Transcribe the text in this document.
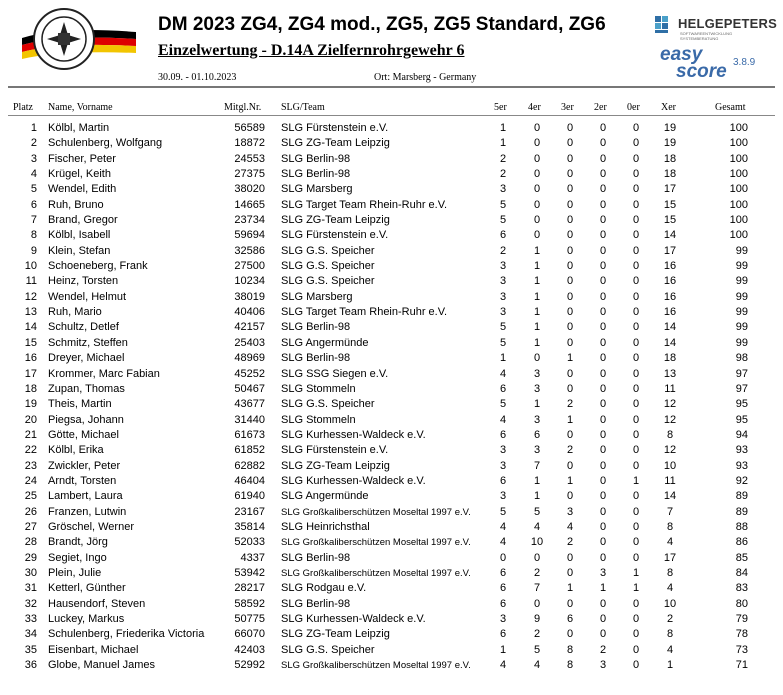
DM 2023 ZG4, ZG4 mod., ZG5, ZG5 Standard, ZG6
Einzelwertung - D.14A Zielfernrohrgewehr 6
30.09. - 01.10.2023	Ort: Marsberg - Germany
HELGEPETERS
SOFTWAREENTWICKLUNG SYSTEMBERATUNG
easy
score 3.8.9
Platz Name, Vorname	Mitgl.Nr. SLG/Team	5er 4er 3er 2er 0er Xer	Gesamt
1 Kölbl, Martin	56589 SLG Fürstenstein e.V.	1	0	0	0	0	19	100
2 Schulenberg, Wolfgang	18872 SLG ZG-Team Leipzig	1	0	0	0	0	19	100
3 Fischer, Peter	24553 SLG Berlin-98	2	0	0	0	0	18	100
4 Krügel, Keith	27375 SLG Berlin-98	2	0	0	0	0	18	100
5 Wendel, Edith	38020 SLG Marsberg	3	0	0	0	0	17	100
6 Ruh, Bruno	14665 SLG Target Team Rhein-Ruhr e.V.	5	0	0	0	0	15	100
7 Brand, Gregor	23734 SLG ZG-Team Leipzig	5	0	0	0	0	15	100
8 Kölbl, Isabell	59694 SLG Fürstenstein e.V.	6	0	0	0	0	14	100
9 Klein, Stefan	32586 SLG G.S. Speicher	2	1	0	0	0	17	99
10 Schoeneberg, Frank	27500 SLG G.S. Speicher	3	1	0	0	0	16	99
11 Heinz, Torsten	10234 SLG G.S. Speicher	3	1	0	0	0	16	99
12 Wendel, Helmut	38019 SLG Marsberg	3	1	0	0	0	16	99
13 Ruh, Mario	40406 SLG Target Team Rhein-Ruhr e.V.	3	1	0	0	0	16	99
14 Schultz, Detlef	42157 SLG Berlin-98	5	1	0	0	0	14	99
15 Schmitz, Steffen	25403 SLG Angermünde	5	1	0	0	0	14	99
16 Dreyer, Michael	48969 SLG Berlin-98	1	0	1	0	0	18	98
17 Krommer, Marc Fabian	45252 SLG SSG Siegen e.V.	4	3	0	0	0	13	97
18 Zupan, Thomas	50467 SLG Stommeln	6	3	0	0	0	11	97
19 Theis, Martin	43677 SLG G.S. Speicher	5	1	2	0	0	12	95
20 Piegsa, Johann	31440 SLG Stommeln	4	3	1	0	0	12	95
21 Götte, Michael	61673 SLG Kurhessen-Waldeck e.V.	6	6	0	0	0	8	94
22 Kölbl, Erika	61852 SLG Fürstenstein e.V.	3	3	2	0	0	12	93
23 Zwickler, Peter	62882 SLG ZG-Team Leipzig	3	7	0	0	0	10	93
24 Arndt, Torsten	46404 SLG Kurhessen-Waldeck e.V.	6	1	1	0	1	11	92
25 Lambert, Laura	61940 SLG Angermünde	3	1	0	0	0	14	89
26 Franzen, Lutwin	23167 SLG Großkaliberschützen Moseltal 1997 e.V.	5	5	3	0	0	7	89
27 Gröschel, Werner	35814 SLG Heinrichsthal	4	4	4	0	0	8	88
28 Brandt, Jörg	52033 SLG Großkaliberschützen Moseltal 1997 e.V.	4	10	2	0	0	4	86
29 Segiet, Ingo	4337 SLG Berlin-98	0	0	0	0	0	17	85
30 Plein, Julie	53942 SLG Großkaliberschützen Moseltal 1997 e.V.	6	2	0	3	1	8	84
31 Ketterl, Günther	28217 SLG Rodgau e.V.	6	7	1	1	1	4	83
32 Hausendorf, Steven	58592 SLG Berlin-98	6	0	0	0	0	10	80
33 Luckey, Markus	50775 SLG Kurhessen-Waldeck e.V.	3	9	6	0	0	2	79
34 Schulenberg, Friederika Victoria	66070 SLG ZG-Team Leipzig	6	2	0	0	0	8	78
35 Eisenbart, Michael	42403 SLG G.S. Speicher	1	5	8	2	0	4	73
36 Globe, Manuel James	52992 SLG Großkaliberschützen Moseltal 1997 e.V.	4	4	8	3	0	1	71
